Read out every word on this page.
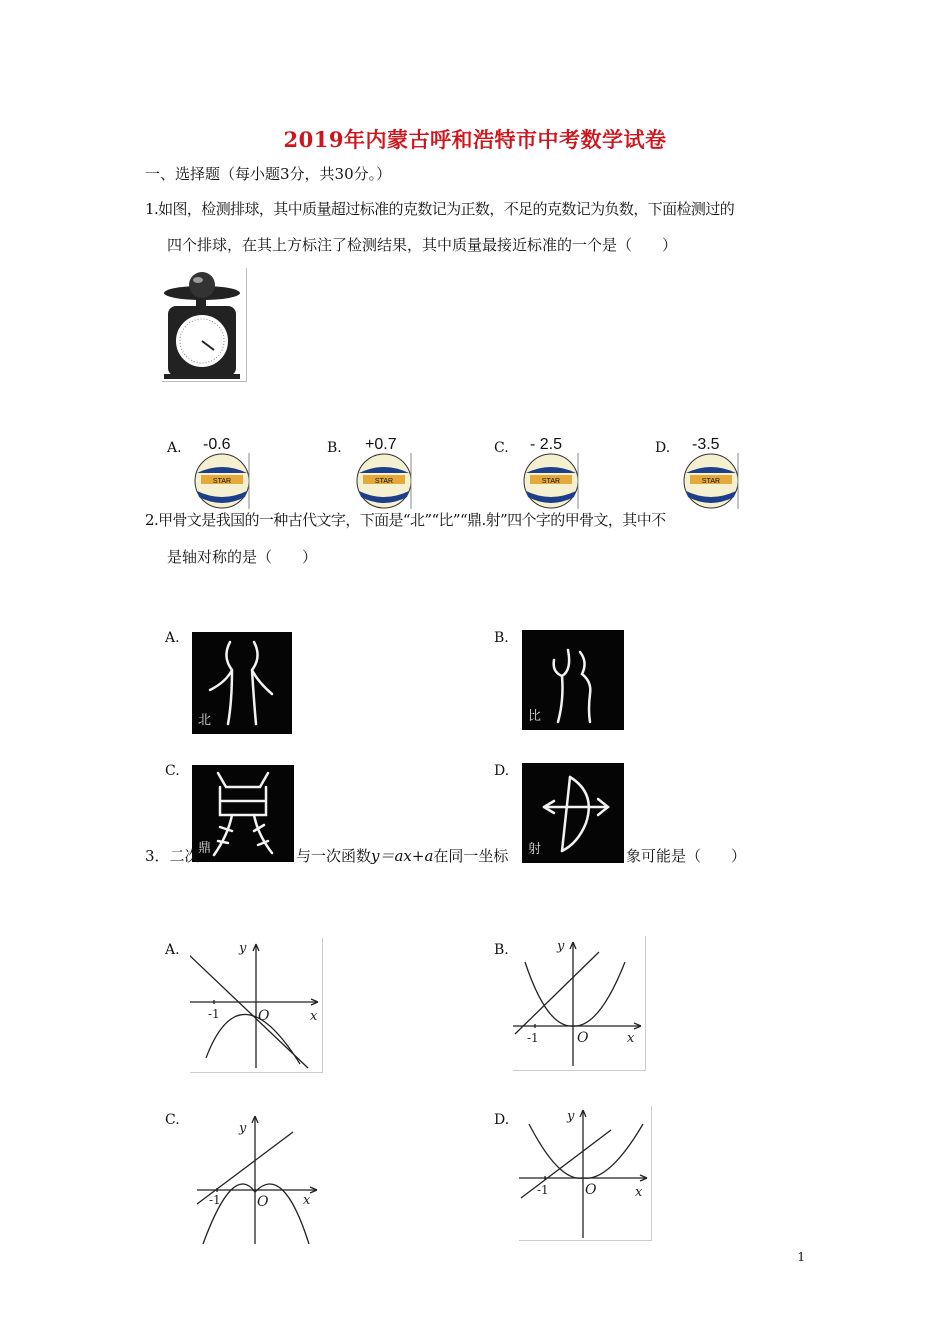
2019年内蒙古呼和浩特市中考数学试卷
一、选择题（每小题3分，共30分。）
1.如图，检测排球，其中质量超过标准的克数记为正数，不足的克数记为负数，下面检测过的
四个排球，在其上方标注了检测结果，其中质量最接近标准的一个是（　　）
A. -0.6
STAR
B. +0.7
STAR
C. - 2.5
STAR
D. -3.5
STAR
2.甲骨文是我国的一种古代文字，下面是“北”“比”“鼎.射”四个字的甲骨文，其中不
是轴对称的是（　　）
A.
北
B.
比
C.
鼎
D.
射
3．二次	与一次函数y＝ax+a在同一坐标	象可能是（　　）
A.	y
x
O
-1
B.	y
x
O
-1
C.
y
x
O
-1
D.	y
x
O
-1
1
